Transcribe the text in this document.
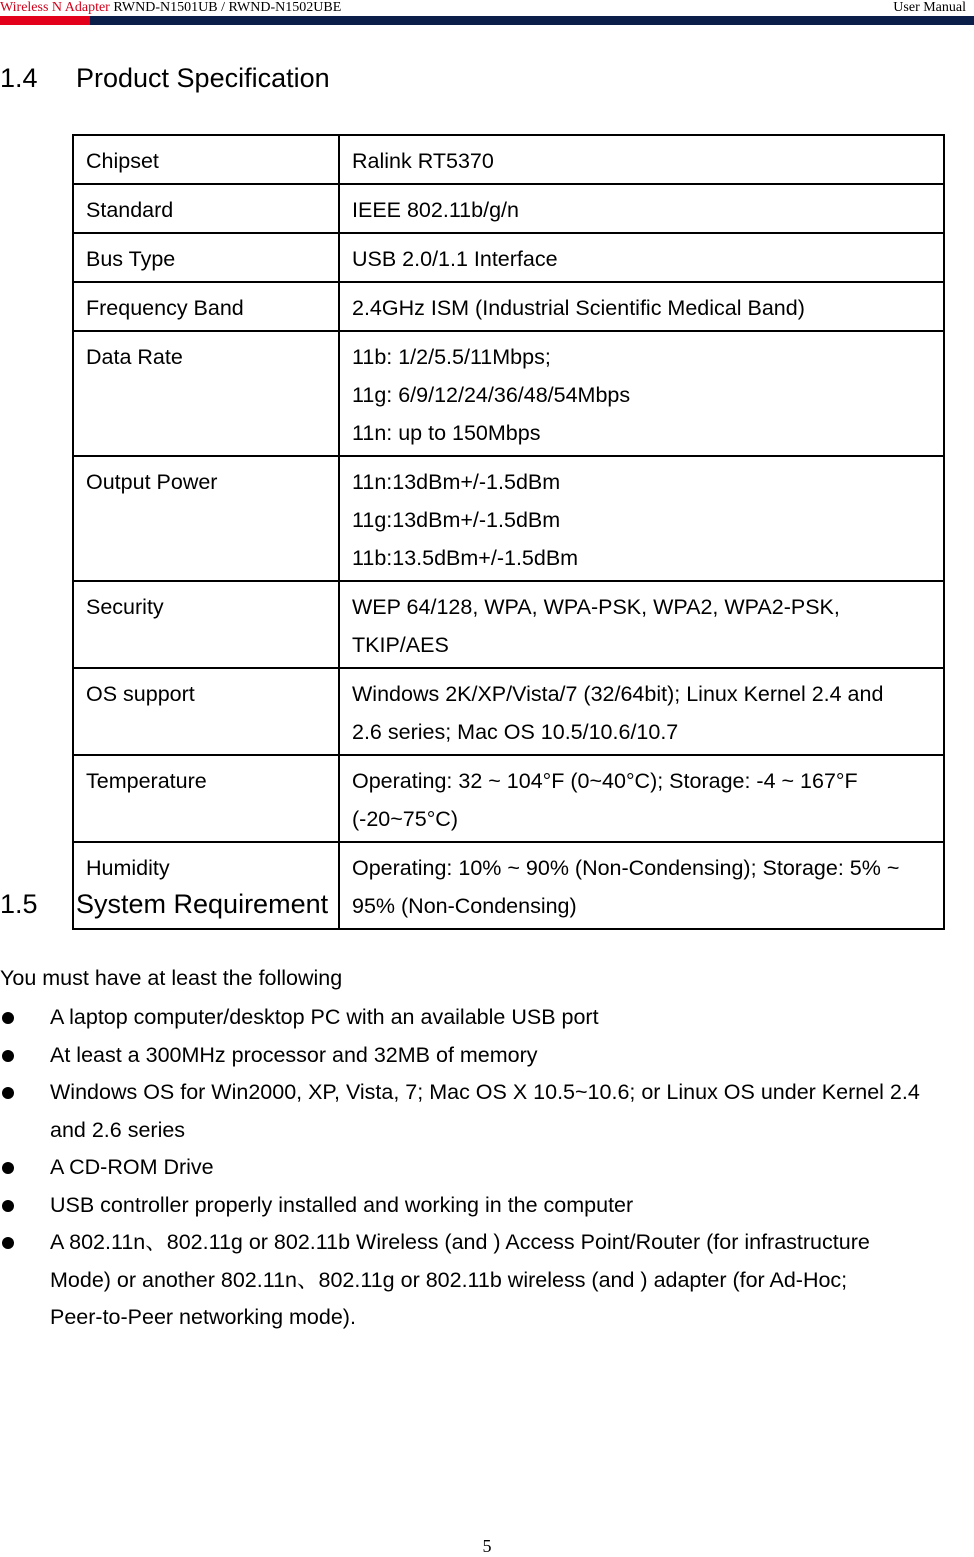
Wireless N Adapter RWND-N1501UB / RWND-N1502UBE	User Manual
1.4 Product Specification
Chipset	Ralink RT5370

Standard	IEEE 802.11b/g/n

Bus Type	USB 2.0/1.1 Interface

Frequency Band	2.4GHz ISM (Industrial Scientific Medical Band)

Data Rate	11b: 1/2/5.5/11Mbps;
11g: 6/9/12/24/36/48/54Mbps
11n: up to 150Mbps

Output Power	11n:13dBm+/-1.5dBm
11g:13dBm+/-1.5dBm
11b:13.5dBm+/-1.5dBm

Security	WEP 64/128, WPA, WPA-PSK, WPA2, WPA2-PSK,
TKIP/AES

OS support	Windows 2K/XP/Vista/7 (32/64bit); Linux Kernel 2.4 and
2.6 series; Mac OS 10.5/10.6/10.7

Temperature	Operating: 32 ~ 104°F (0~40°C); Storage: -4 ~ 167°F
(-20~75°C)

Humidity	Operating: 10% ~ 90% (Non-Condensing); Storage: 5% ~
95% (Non-Condensing)
1.5 System Requirement
You must have at least the following
A laptop computer/desktop PC with an available USB port
At least a 300MHz processor and 32MB of memory
Windows OS for Win2000, XP, Vista, 7; Mac OS X 10.5~10.6; or Linux OS under Kernel 2.4
and 2.6 series
A CD-ROM Drive
USB controller properly installed and working in the computer
A 802.11n、802.11g or 802.11b Wireless (and ) Access Point/Router (for infrastructure
Mode) or another 802.11n、802.11g or 802.11b wireless (and ) adapter (for Ad-Hoc;
Peer-to-Peer networking mode).
5
